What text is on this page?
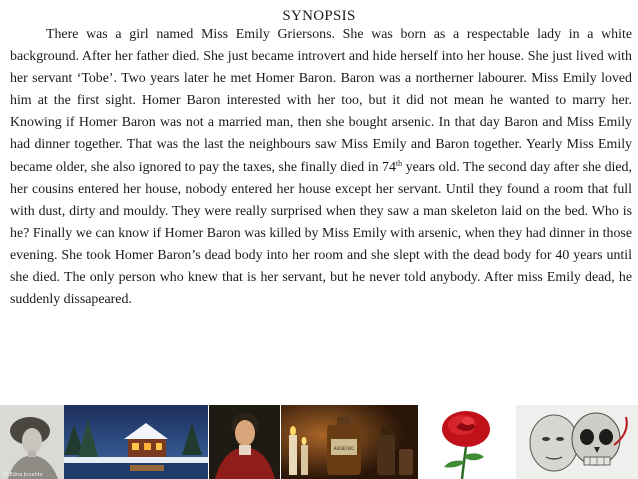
SYNOPSIS

There was a girl named Miss Emily Griersons. She was born as a respectable lady in a white background. After her father died. She just became introvert and hide herself into her house. She just lived with her servant ‘Tobe’. Two years later he met Homer Baron. Baron was a northerner labourer. Miss Emily loved him at the first sight. Homer Baron interested with her too, but it did not mean he wanted to marry her. Knowing if Homer Baron was not a married man, then she bought arsenic. In that day Baron and Miss Emily had dinner together. That was the last the neighbours saw Miss Emily and Baron together. Yearly Miss Emily became older, she also ignored to pay the taxes, she finally died in 74th years old. The second day after she died, her cousins entered her house, nobody entered her house except her servant. Until they found a room that full with dust, dirty and mouldy. They were really surprised when they saw a man skeleton laid on the bed. Who is he? Finally we can know if Homer Baron was killed by Miss Emily with arsenic, when they had dinner in those evening. She took Homer Baron’s dead body into her room and she slept with the dead body for 40 years until she died. The only person who knew that is her servant, but he never told anybody. After miss Emily dead, he suddenly dissapeared.

© Edna Jnnahtx
ARSENIC
